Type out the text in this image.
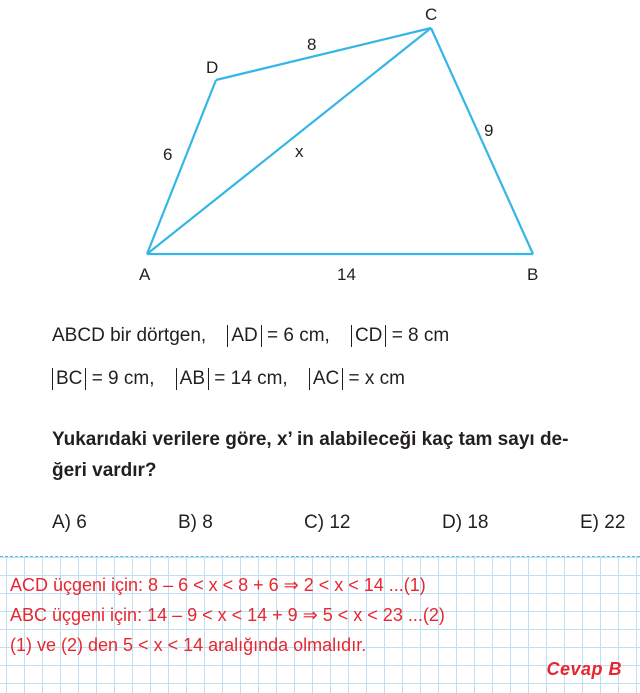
A	B
C
D
6
8
9
14
x
ABCD bir dörtgen, AD = 6 cm, CD = 8 cm
BC = 9 cm, AB = 14 cm, AC = x cm
Yukarıdaki verilere göre, x’ in alabileceği kaç tam sayı de-
ğeri vardır?
A) 6	B) 8	C) 12	D) 18	E) 22
ACD üçgeni için: 8 – 6 < x < 8 + 6 ⇒ 2 < x < 14 ...(1)
ABC üçgeni için: 14 – 9 < x < 14 + 9 ⇒ 5 < x < 23 ...(2)
(1) ve (2) den 5 < x < 14 aralığında olmalıdır.
Cevap B
